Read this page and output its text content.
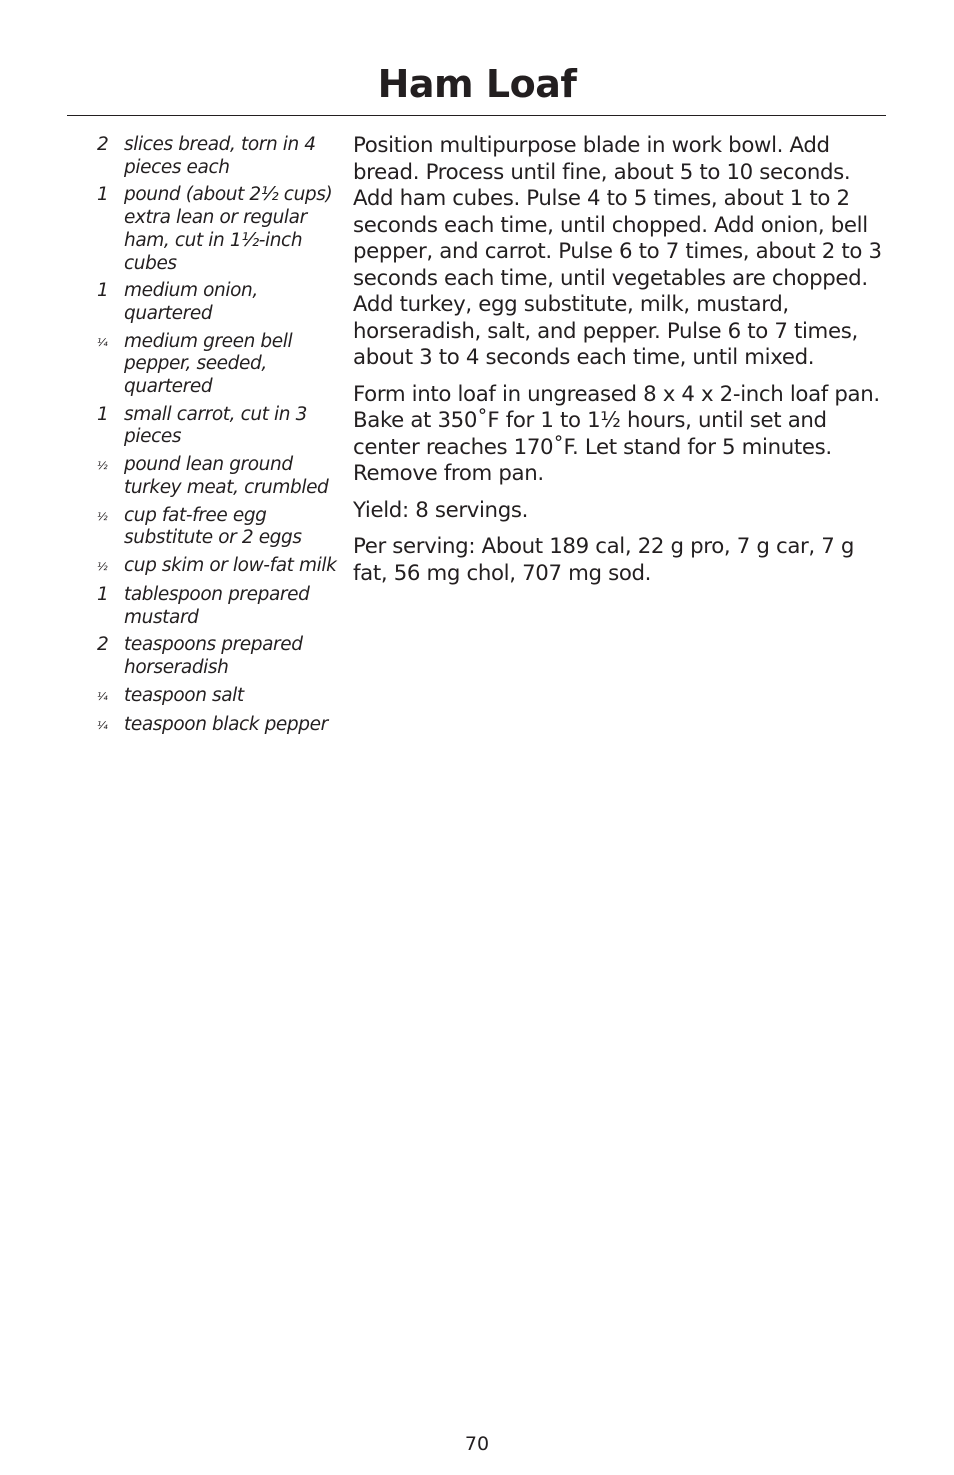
Ham Loaf
2 slices bread, torn in 4 pieces each
1 pound (about 2½ cups) extra lean or regular ham, cut in 1½-inch cubes
1 medium onion, quartered
¼ medium green bell pepper, seeded, quartered
1 small carrot, cut in 3 pieces
½ pound lean ground turkey meat, crumbled
½ cup fat-free egg substitute or 2 eggs
½ cup skim or low-fat milk
1 tablespoon prepared mustard
2 teaspoons prepared horseradish
¼ teaspoon salt
¼ teaspoon black pepper

Position multipurpose blade in work bowl. Add bread. Process until fine, about 5 to 10 seconds. Add ham cubes. Pulse 4 to 5 times, about 1 to 2 seconds each time, until chopped. Add onion, bell pepper, and carrot. Pulse 6 to 7 times, about 2 to 3 seconds each time, until vegetables are chopped. Add turkey, egg substitute, milk, mustard, horseradish, salt, and pepper. Pulse 6 to 7 times, about 3 to 4 seconds each time, until mixed.

Form into loaf in ungreased 8 x 4 x 2-inch loaf pan. Bake at 350˚F for 1 to 1½ hours, until set and center reaches 170˚F. Let stand for 5 minutes. Remove from pan.

Yield: 8 servings.

Per serving: About 189 cal, 22 g pro, 7 g car, 7 g fat, 56 mg chol, 707 mg sod.

70
